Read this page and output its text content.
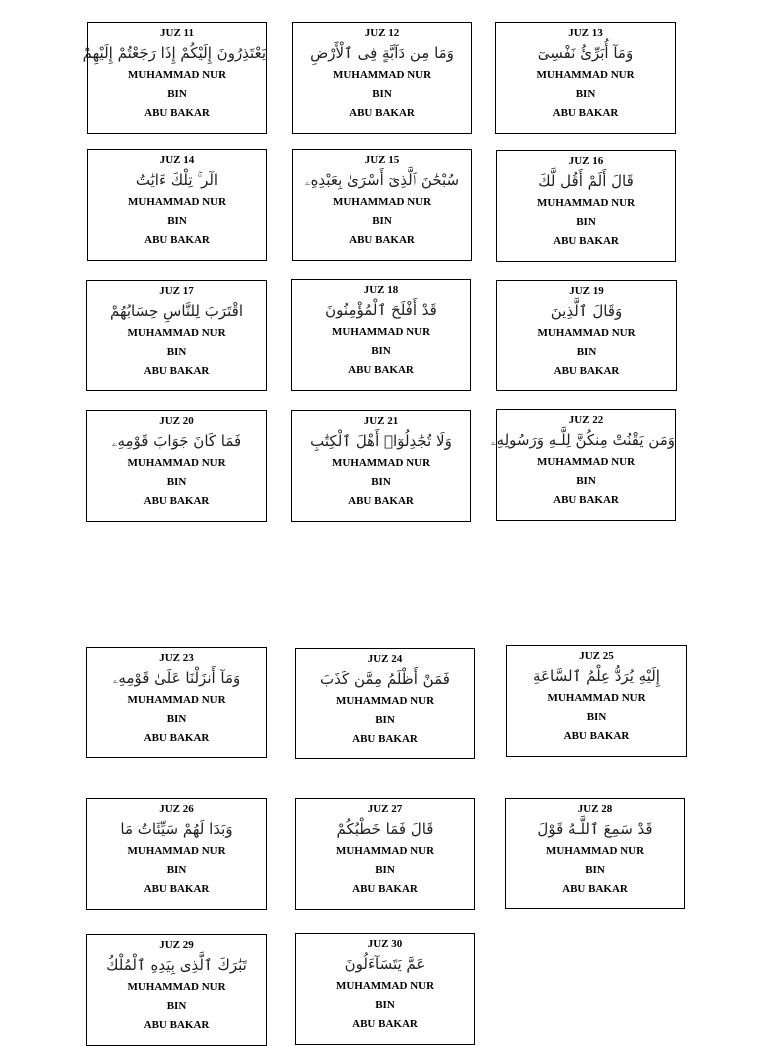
JUZ 11
يَعْتَذِرُونَ إِلَيْكُمْ إِذَا رَجَعْتُمْ إِلَيْهِمْ
MUHAMMAD NUR
BIN
ABU BAKAR
JUZ 12
وَمَا مِن دَآبَّةٍ فِى ٱلْأَرْضِ
MUHAMMAD NUR
BIN
ABU BAKAR
JUZ 13
وَمَآ أُبَرِّئُ نَفْسِىٓ
MUHAMMAD NUR
BIN
ABU BAKAR
JUZ 14
الٓر ۚ تِلْكَ ءَايَٰتُ
MUHAMMAD NUR
BIN
ABU BAKAR
JUZ 15
سُبْحَٰنَ ٱلَّذِىٓ أَسْرَىٰ بِعَبْدِهِۦ
MUHAMMAD NUR
BIN
ABU BAKAR
JUZ 16
قَالَ أَلَمْ أَقُل لَّكَ
MUHAMMAD NUR
BIN
ABU BAKAR
JUZ 17
اقْتَرَبَ لِلنَّاسِ حِسَابُهُمْ
MUHAMMAD NUR
BIN
ABU BAKAR
JUZ 18
قَدْ أَفْلَحَ ٱلْمُؤْمِنُونَ
MUHAMMAD NUR
BIN
ABU BAKAR
JUZ 19
وَقَالَ ٱلَّذِينَ
MUHAMMAD NUR
BIN
ABU BAKAR
JUZ 20
فَمَا كَانَ جَوَابَ قَوْمِهِۦ
MUHAMMAD NUR
BIN
ABU BAKAR
JUZ 21
وَلَا تُجَٰدِلُوٓا۟ أَهْلَ ٱلْكِتَٰبِ
MUHAMMAD NUR
BIN
ABU BAKAR
JUZ 22
وَمَن يَقْنُتْ مِنكُنَّ لِلَّـهِ وَرَسُولِهِۦ
MUHAMMAD NUR
BIN
ABU BAKAR
JUZ 23
وَمَآ أَنزَلْنَا عَلَىٰ قَوْمِهِۦ
MUHAMMAD NUR
BIN
ABU BAKAR
JUZ 24
فَمَنْ أَظْلَمُ مِمَّن كَذَبَ
MUHAMMAD NUR
BIN
ABU BAKAR
JUZ 25
إِلَيْهِ يُرَدُّ عِلْمُ ٱلسَّاعَةِ
MUHAMMAD NUR
BIN
ABU BAKAR
JUZ 26
وَبَدَا لَهُمْ سَيِّئَاتُ مَا
MUHAMMAD NUR
BIN
ABU BAKAR
JUZ 27
قَالَ فَمَا خَطْبُكُمْ
MUHAMMAD NUR
BIN
ABU BAKAR
JUZ 28
قَدْ سَمِعَ ٱللَّـهُ قَوْلَ
MUHAMMAD NUR
BIN
ABU BAKAR
JUZ 29
تَبَٰرَكَ ٱلَّذِى بِيَدِهِ ٱلْمُلْكُ
MUHAMMAD NUR
BIN
ABU BAKAR
JUZ 30
عَمَّ يَتَسَآءَلُونَ
MUHAMMAD NUR
BIN
ABU BAKAR
